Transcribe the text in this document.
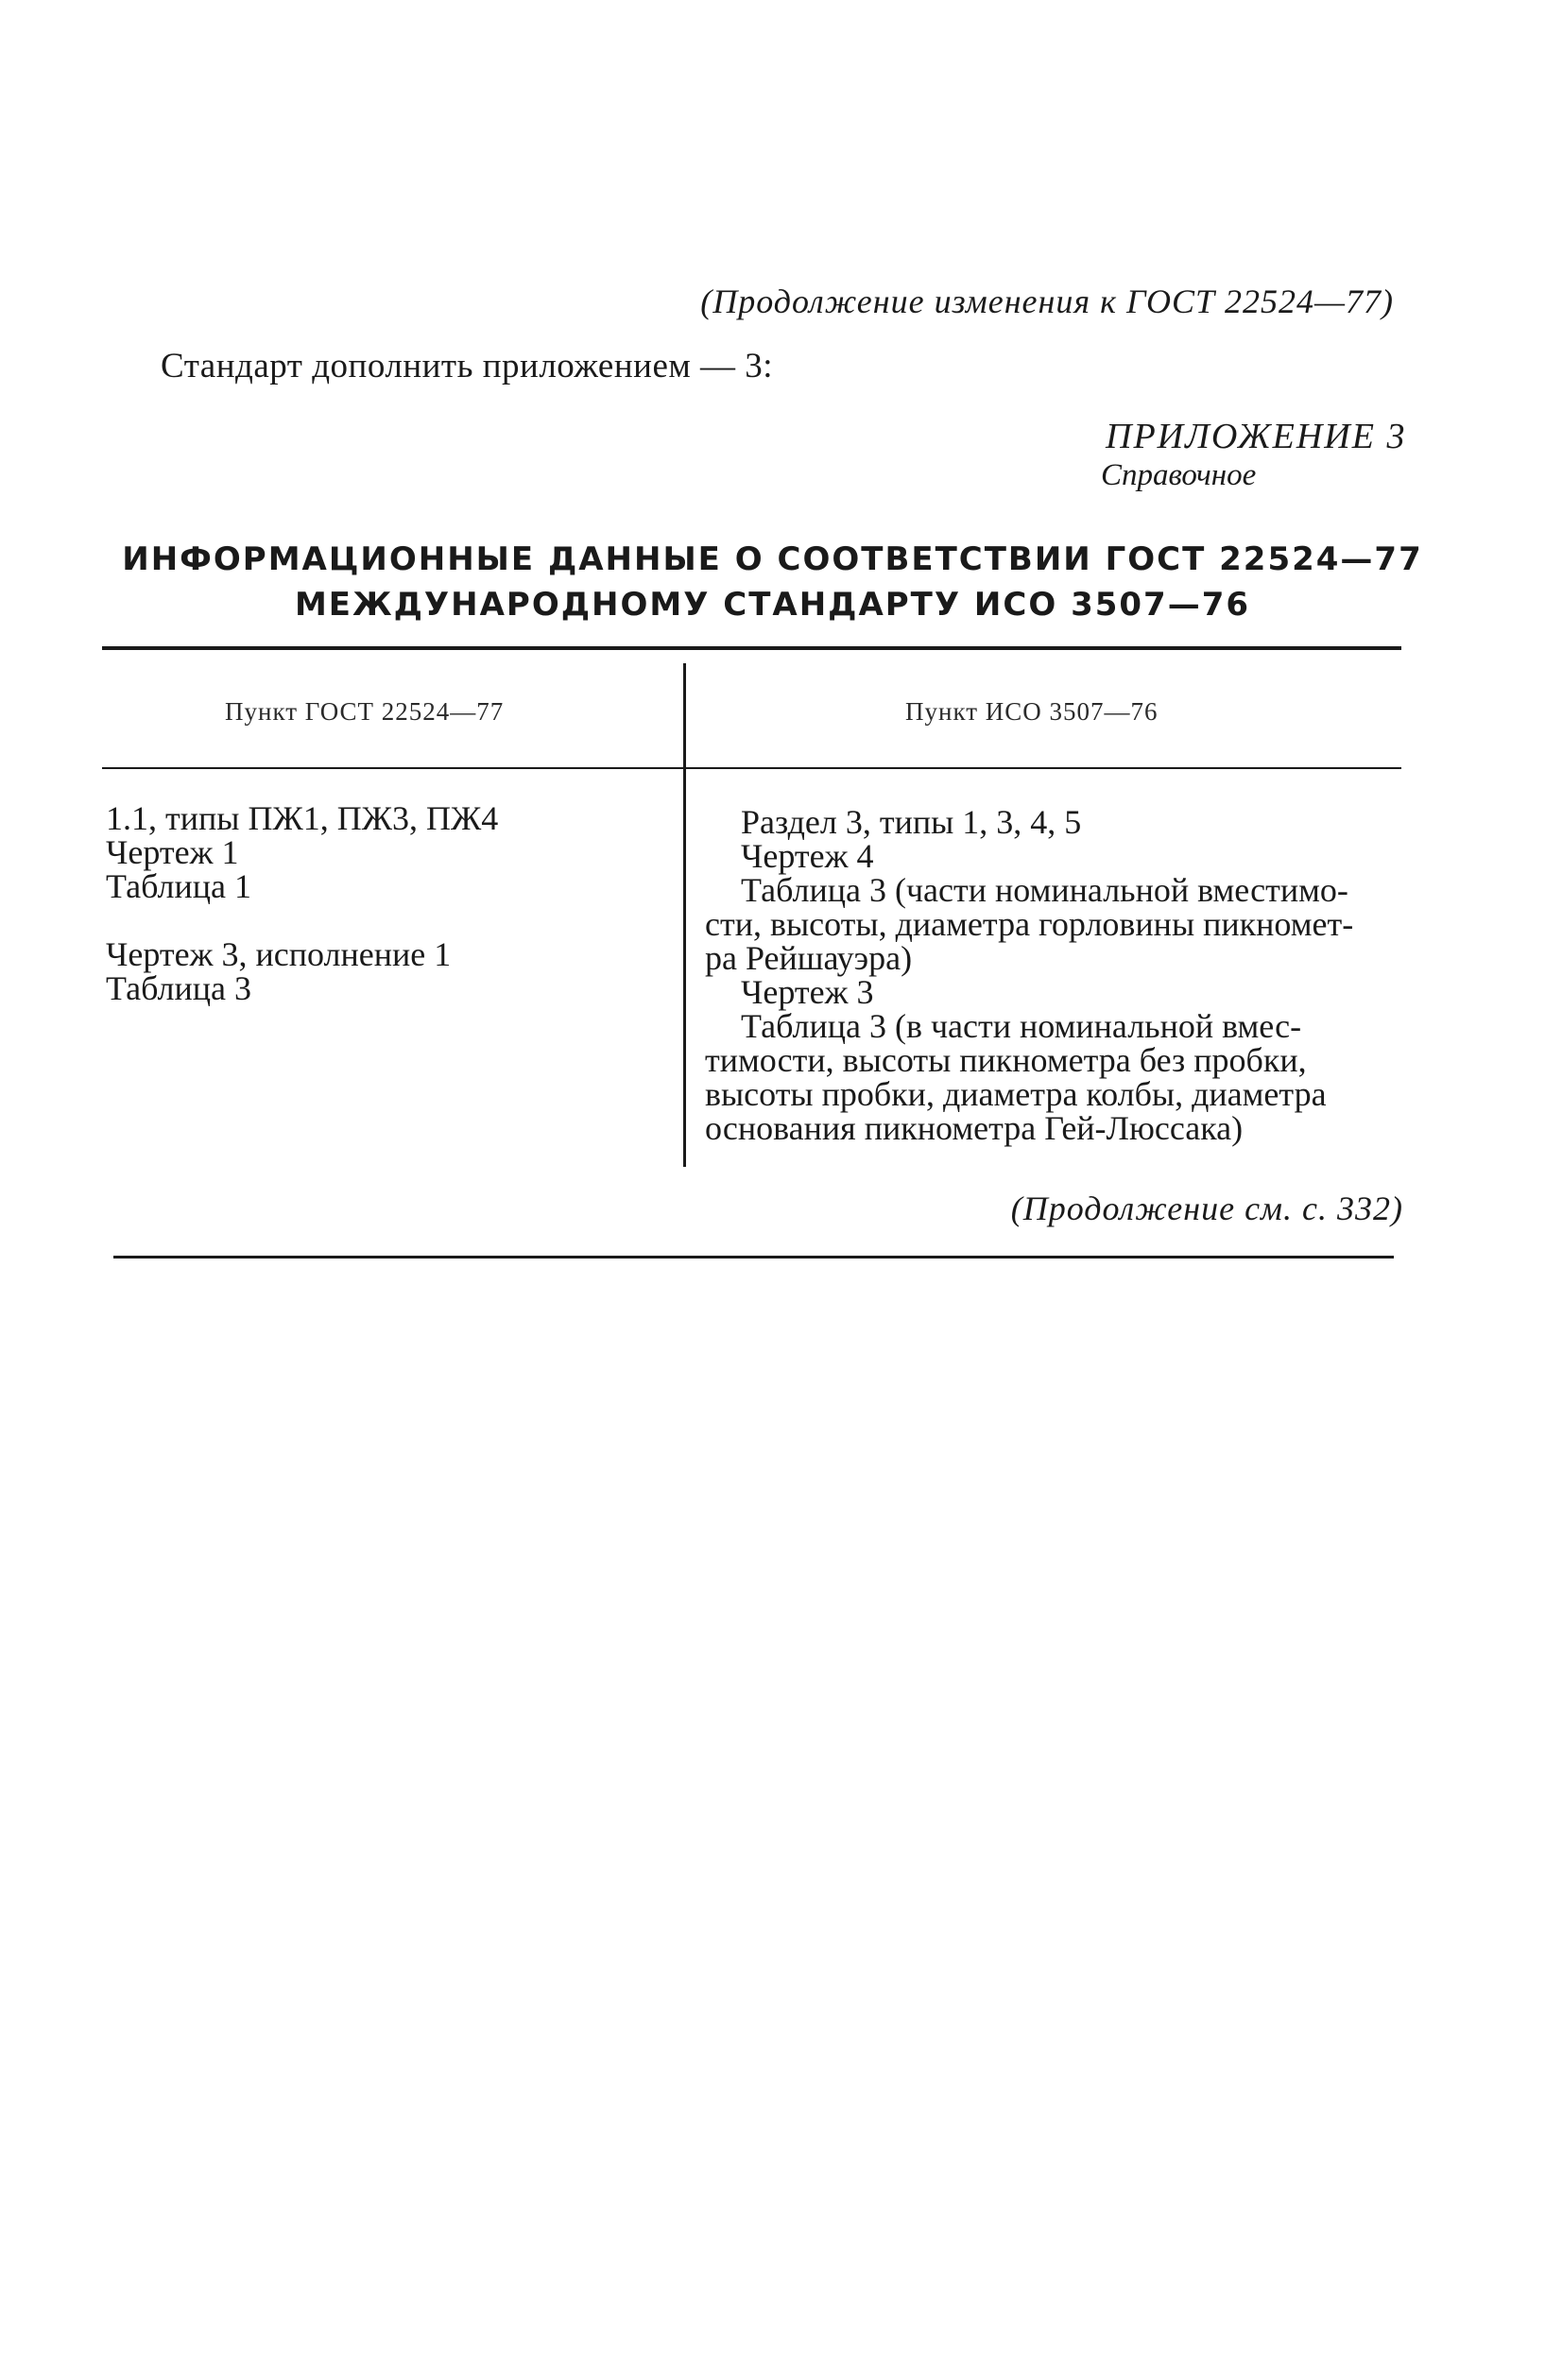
(Продолжение изменения к ГОСТ 22524—77)
Стандарт дополнить приложением — 3:
ПРИЛОЖЕНИЕ 3
Справочное
ИНФОРМАЦИОННЫЕ ДАННЫЕ О СООТВЕТСТВИИ ГОСТ 22524—77
МЕЖДУНАРОДНОМУ СТАНДАРТУ ИСО 3507—76
Пункт ГОСТ 22524—77	Пункт ИСО 3507—76
1.1, типы ПЖ1, ПЖ3, ПЖ4
Чертеж 1
Таблица 1
Чертеж 3, исполнение 1
Таблица 3
Раздел 3, типы 1, 3, 4, 5
Чертеж 4
Таблица 3 (части номинальной вместимо-
сти, высоты, диаметра горловины пикномет-
ра Рейшауэра)
Чертеж 3
Таблица 3 (в части номинальной вмес-
тимости, высоты пикнометра без пробки,
высоты пробки, диаметра колбы, диаметра
основания пикнометра Гей-Люссака)
(Продолжение см. с. 332)
